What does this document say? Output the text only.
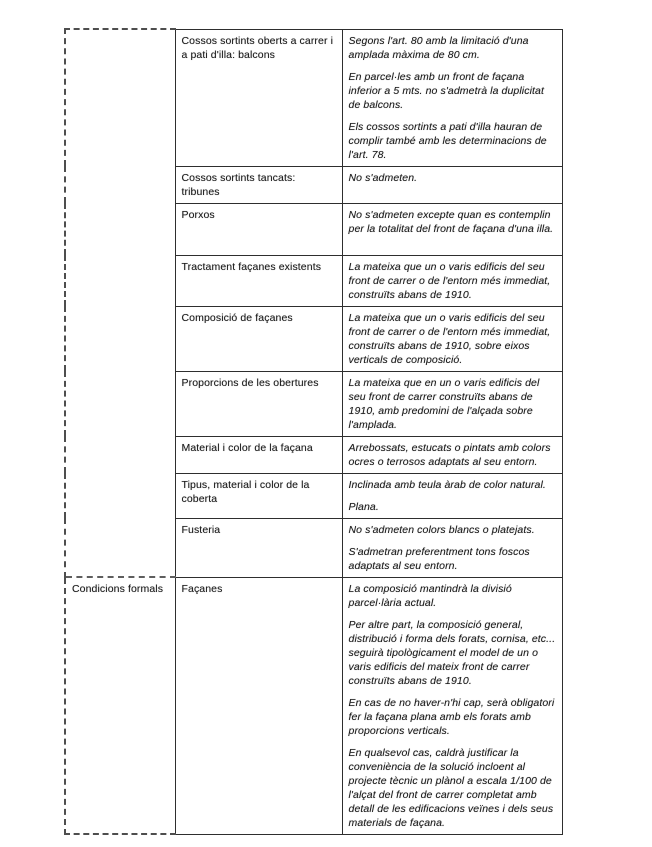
	Cossos sortints oberts a carrer i a pati d'illa: balcons	Segons l'art. 80 amb la limitació d'una amplada màxima de 80 cm.

En parcel·les amb un front de façana inferior a 5 mts. no s'admetrà la duplicitat de balcons.

Els cossos sortints a pati d'illa hauran de complir també amb les determinacions de l'art. 78.

	Cossos sortints tancats: tribunes	No s'admeten.

	Porxos	No s'admeten excepte quan es contemplin per la totalitat del front de façana d'una illa.

	Tractament façanes existents	La mateixa que un o varis edificis del seu front de carrer o de l'entorn més immediat, construïts abans de 1910.

	Composició de façanes	La mateixa que un o varis edificis del seu front de carrer o de l'entorn més immediat, construïts abans de 1910, sobre eixos verticals de composició.

	Proporcions de les obertures	La mateixa que en un o varis edificis del seu front de carrer construïts abans de 1910, amb predomini de l'alçada sobre l'amplada.

	Material i color de la façana	Arrebossats, estucats o pintats amb colors ocres o terrosos adaptats al seu entorn.

	Tipus, material i color de la coberta	Inclinada amb teula àrab de color natural.

Plana.

	Fusteria	No s'admeten colors blancs o platejats.

S'admetran preferentment tons foscos adaptats al seu entorn.

Condicions formals	Façanes	La composició mantindrà la divisió parcel·lària actual.

Per altre part, la composició general, distribució i forma dels forats, cornisa, etc... seguirà tipològicament el model de un o varis edificis del mateix front de carrer construïts abans de 1910.

En cas de no haver-n'hi cap, serà obligatori fer la façana plana amb els forats amb proporcions verticals.

En qualsevol cas, caldrà justificar la conveniència de la solució incloent al projecte tècnic un plànol a escala 1/100 de l'alçat del front de carrer completat amb detall de les edificacions veïnes i dels seus materials de façana.
